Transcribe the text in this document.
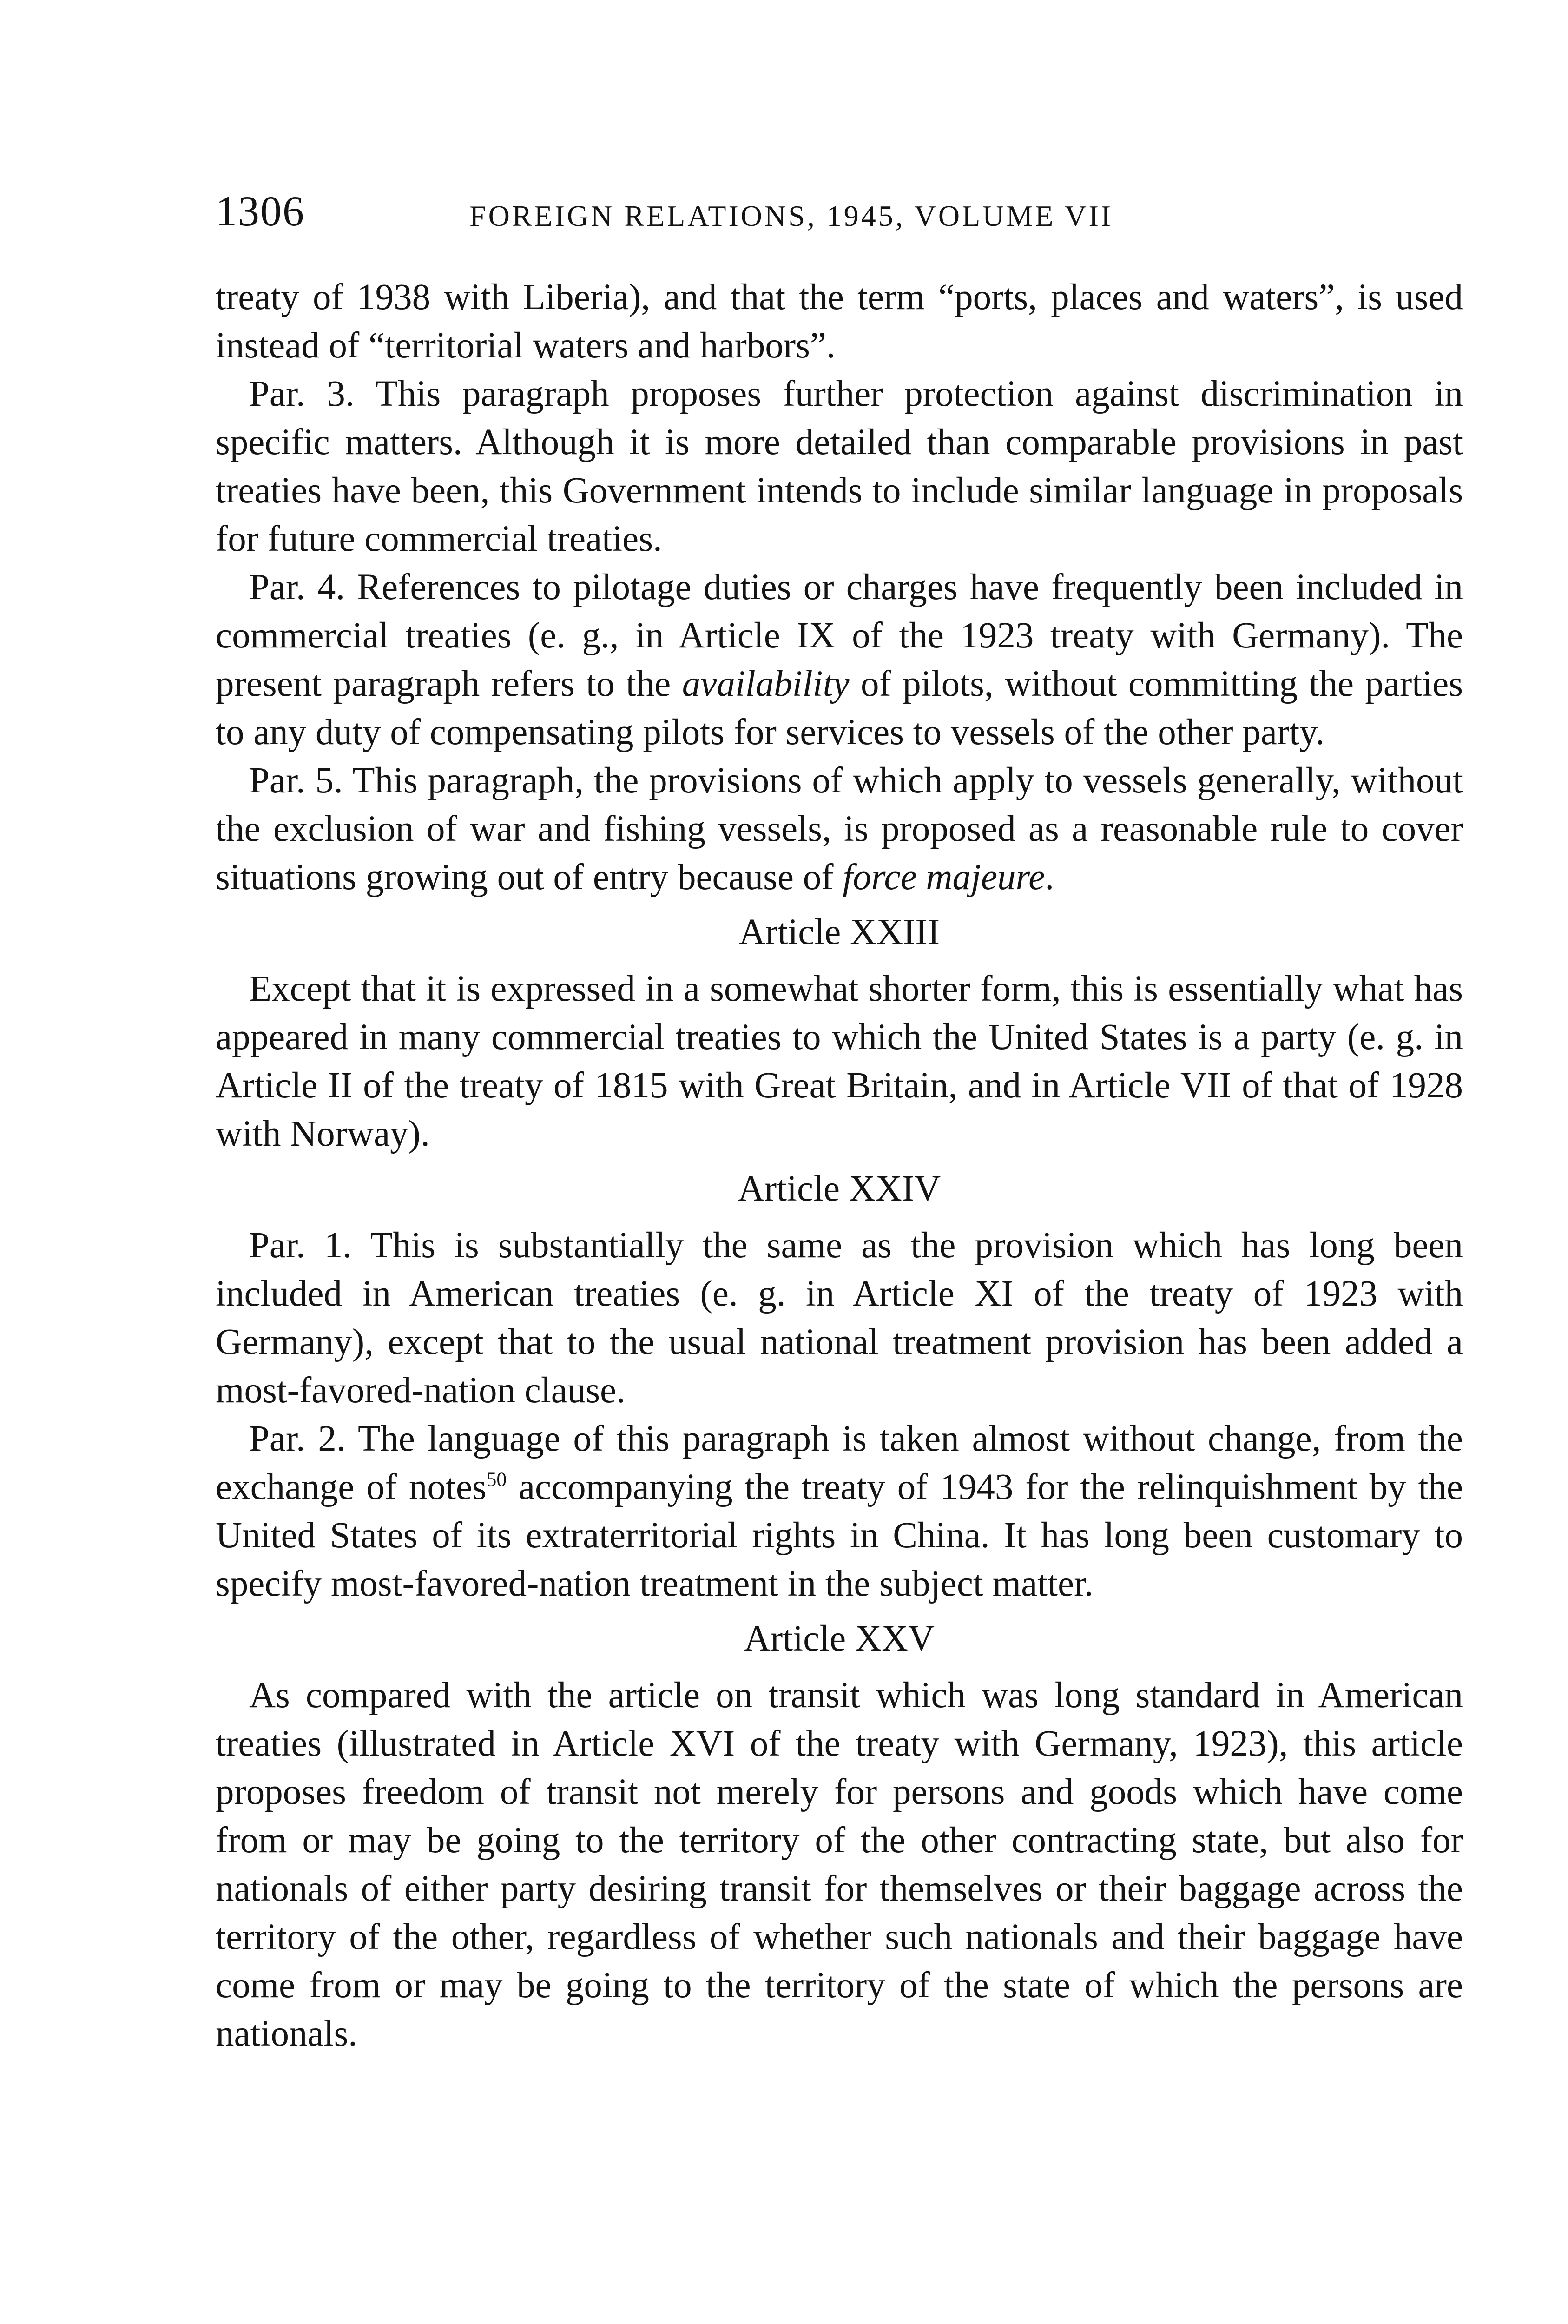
1306	FOREIGN RELATIONS, 1945, VOLUME VII

treaty of 1938 with Liberia), and that the term “ports, places and waters”, is used instead of “territorial waters and harbors”.

Par. 3. This paragraph proposes further protection against discrimination in specific matters. Although it is more detailed than comparable provisions in past treaties have been, this Government intends to include similar language in proposals for future commercial treaties.

Par. 4. References to pilotage duties or charges have frequently been included in commercial treaties (e. g., in Article IX of the 1923 treaty with Germany). The present paragraph refers to the availability of pilots, without committing the parties to any duty of compensating pilots for services to vessels of the other party.

Par. 5. This paragraph, the provisions of which apply to vessels generally, without the exclusion of war and fishing vessels, is proposed as a reasonable rule to cover situations growing out of entry because of force majeure.

Article XXIII

Except that it is expressed in a somewhat shorter form, this is essentially what has appeared in many commercial treaties to which the United States is a party (e. g. in Article II of the treaty of 1815 with Great Britain, and in Article VII of that of 1928 with Norway).

Article XXIV

Par. 1. This is substantially the same as the provision which has long been included in American treaties (e. g. in Article XI of the treaty of 1923 with Germany), except that to the usual national treatment provision has been added a most-favored-nation clause.

Par. 2. The language of this paragraph is taken almost without change, from the exchange of notes$^{50}$ accompanying the treaty of 1943 for the relinquishment by the United States of its extraterritorial rights in China. It has long been customary to specify most-favored-nation treatment in the subject matter.

Article XXV

As compared with the article on transit which was long standard in American treaties (illustrated in Article XVI of the treaty with Germany, 1923), this article proposes freedom of transit not merely for persons and goods which have come from or may be going to the territory of the other contracting state, but also for nationals of either party desiring transit for themselves or their baggage across the territory of the other, regardless of whether such nationals and their baggage have come from or may be going to the territory of the state of which the persons are nationals.
